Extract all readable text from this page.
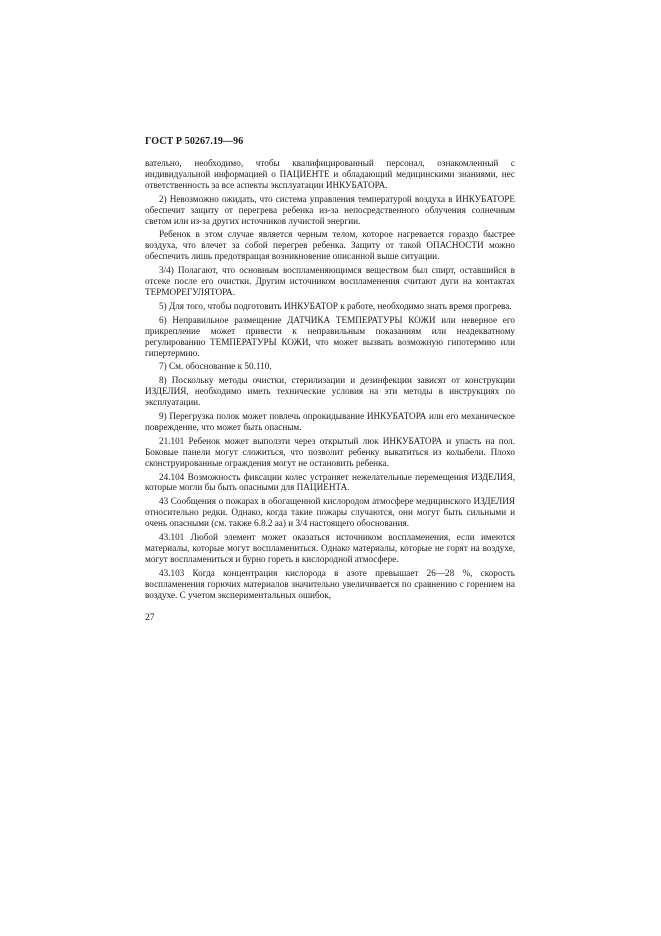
ГОСТ Р 50267.19—96

вательно, необходимо, чтобы квалифицированный персонал, ознакомленный с индивидуальной информацией о ПАЦИЕНТЕ и обладающий медицинскими знаниями, нес ответственность за все аспекты эксплуатации ИНКУБАТОРА.

2) Невозможно ожидать, что система управления температурой воздуха в ИНКУБАТОРЕ обеспечит защиту от перегрева ребенка из-за непосредственного облучения солнечным светом или из-за других источников лучистой энергии.

Ребенок в этом случае является черным телом, которое нагревается гораздо быстрее воздуха, что влечет за собой перегрев ребенка. Защиту от такой ОПАСНОСТИ можно обеспечить лишь предотвращая возникновение описанной выше ситуации.

3/4) Полагают, что основным воспламеняющимся веществом был спирт, оставшийся в отсеке после его очистки. Другим источником воспламенения считают дуги на контактах ТЕРМОРЕГУЛЯТОРА.

5) Для того, чтобы подготовить ИНКУБАТОР к работе, необходимо знать время прогрева.

6) Неправильное размещение ДАТЧИКА ТЕМПЕРАТУРЫ КОЖИ или неверное его прикрепление может привести к неправильным показаниям или неадекватному регулированию ТЕМПЕРАТУРЫ КОЖИ, что может вызвать возможную гипотермию или гипертермию.

7) См. обоснование к 50.110.

8) Поскольку методы очистки, стерилизации и дезинфекции зависят от конструкции ИЗДЕЛИЯ, необходимо иметь технические условия на эти методы в инструкциях по эксплуатации.

9) Перегрузка полок может повлечь опрокидывание ИНКУБАТОРА или его механическое повреждение, что может быть опасным.

21.101 Ребенок может выползти через открытый люк ИНКУБАТОРА и упасть на пол. Боковые панели могут сложиться, что позволит ребенку выкатиться из колыбели. Плохо сконструированные ограждения могут не остановить ребенка.

24.104 Возможность фиксации колес устраняет нежелательные перемещения ИЗДЕЛИЯ, которые могли бы быть опасными для ПАЦИЕНТА.

43 Сообщения о пожарах в обогащенной кислородом атмосфере медицинского ИЗДЕЛИЯ относительно редки. Однако, когда такие пожары случаются, они могут быть сильными и очень опасными (см. также 6.8.2 аа) и 3/4 настоящего обоснования.

43.101 Любой элемент может оказаться источником воспламенения, если имеются материалы, которые могут воспламениться. Однако материалы, которые не горят на воздухе, могут воспламениться и бурно гореть в кислородной атмосфере.

43.103 Когда концентрация кислорода в азоте превышает 26—28 %, скорость воспламенения горючих материалов значительно увеличивается по сравнению с горением на воздухе. С учетом экспериментальных ошибок,

27
